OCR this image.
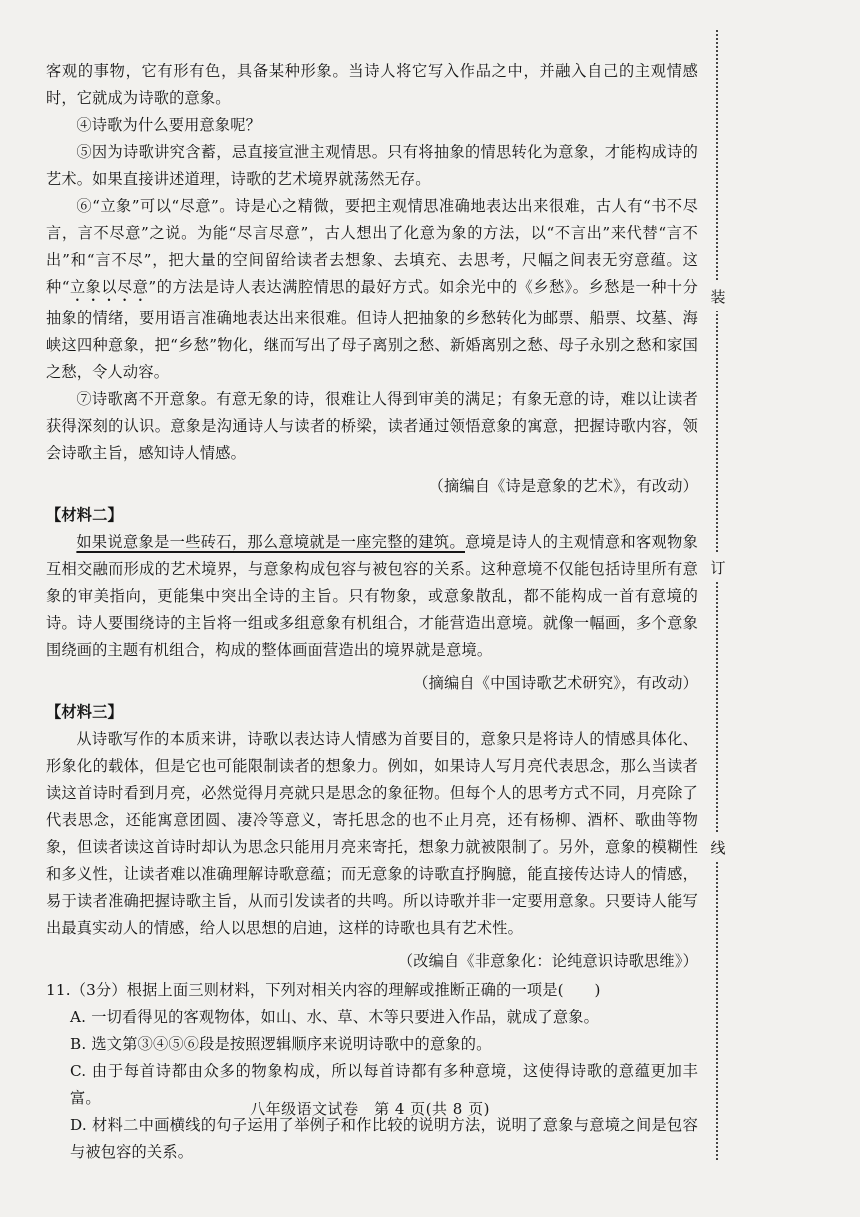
客观的事物，它有形有色，具备某种形象。当诗人将它写入作品之中，并融入自己的主观情感时，它就成为诗歌的意象。

④诗歌为什么要用意象呢？

⑤因为诗歌讲究含蓄，忌直接宣泄主观情思。只有将抽象的情思转化为意象，才能构成诗的艺术。如果直接讲述道理，诗歌的艺术境界就荡然无存。

⑥“立象”可以“尽意”。诗是心之精微，要把主观情思准确地表达出来很难，古人有“书不尽言，言不尽意”之说。为能“尽言尽意”，古人想出了化意为象的方法，以“不言出”来代替“言不出”和“言不尽”，把大量的空间留给读者去想象、去填充、去思考，尺幅之间表无穷意蕴。这种“立象以尽意”的方法是诗人表达满腔情思的最好方式。如余光中的《乡愁》。乡愁是一种十分抽象的情绪，要用语言准确地表达出来很难。但诗人把抽象的乡愁转化为邮票、船票、坟墓、海峡这四种意象，把“乡愁”物化，继而写出了母子离别之愁、新婚离别之愁、母子永别之愁和家国之愁，令人动容。

⑦诗歌离不开意象。有意无象的诗，很难让人得到审美的满足；有象无意的诗，难以让读者获得深刻的认识。意象是沟通诗人与读者的桥梁，读者通过领悟意象的寓意，把握诗歌内容，领会诗歌主旨，感知诗人情感。

（摘编自《诗是意象的艺术》，有改动）

【材料二】

如果说意象是一些砖石，那么意境就是一座完整的建筑。意境是诗人的主观情意和客观物象互相交融而形成的艺术境界，与意象构成包容与被包容的关系。这种意境不仅能包括诗里所有意象的审美指向，更能集中突出全诗的主旨。只有物象，或意象散乱，都不能构成一首有意境的诗。诗人要围绕诗的主旨将一组或多组意象有机组合，才能营造出意境。就像一幅画，多个意象围绕画的主题有机组合，构成的整体画面营造出的境界就是意境。

（摘编自《中国诗歌艺术研究》，有改动）

【材料三】

从诗歌写作的本质来讲，诗歌以表达诗人情感为首要目的，意象只是将诗人的情感具体化、形象化的载体，但是它也可能限制读者的想象力。例如，如果诗人写月亮代表思念，那么当读者读这首诗时看到月亮，必然觉得月亮就只是思念的象征物。但每个人的思考方式不同，月亮除了代表思念，还能寓意团圆、凄冷等意义，寄托思念的也不止月亮，还有杨柳、酒杯、歌曲等物象，但读者读这首诗时却认为思念只能用月亮来寄托，想象力就被限制了。另外，意象的模糊性和多义性，让读者难以准确理解诗歌意蕴；而无意象的诗歌直抒胸臆，能直接传达诗人的情感，易于读者准确把握诗歌主旨，从而引发读者的共鸣。所以诗歌并非一定要用意象。只要诗人能写出最真实动人的情感，给人以思想的启迪，这样的诗歌也具有艺术性。

（改编自《非意象化：论纯意识诗歌思维》）

11.（3分）根据上面三则材料，下列对相关内容的理解或推断正确的一项是(　　)

A. 一切看得见的客观物体，如山、水、草、木等只要进入作品，就成了意象。

B. 选文第③④⑤⑥段是按照逻辑顺序来说明诗歌中的意象的。

C. 由于每首诗都由众多的物象构成，所以每首诗都有多种意境，这使得诗歌的意蕴更加丰富。

D. 材料二中画横线的句子运用了举例子和作比较的说明方法，说明了意象与意境之间是包容与被包容的关系。

八年级语文试卷　第 4 页(共 8 页)
装
订
线
